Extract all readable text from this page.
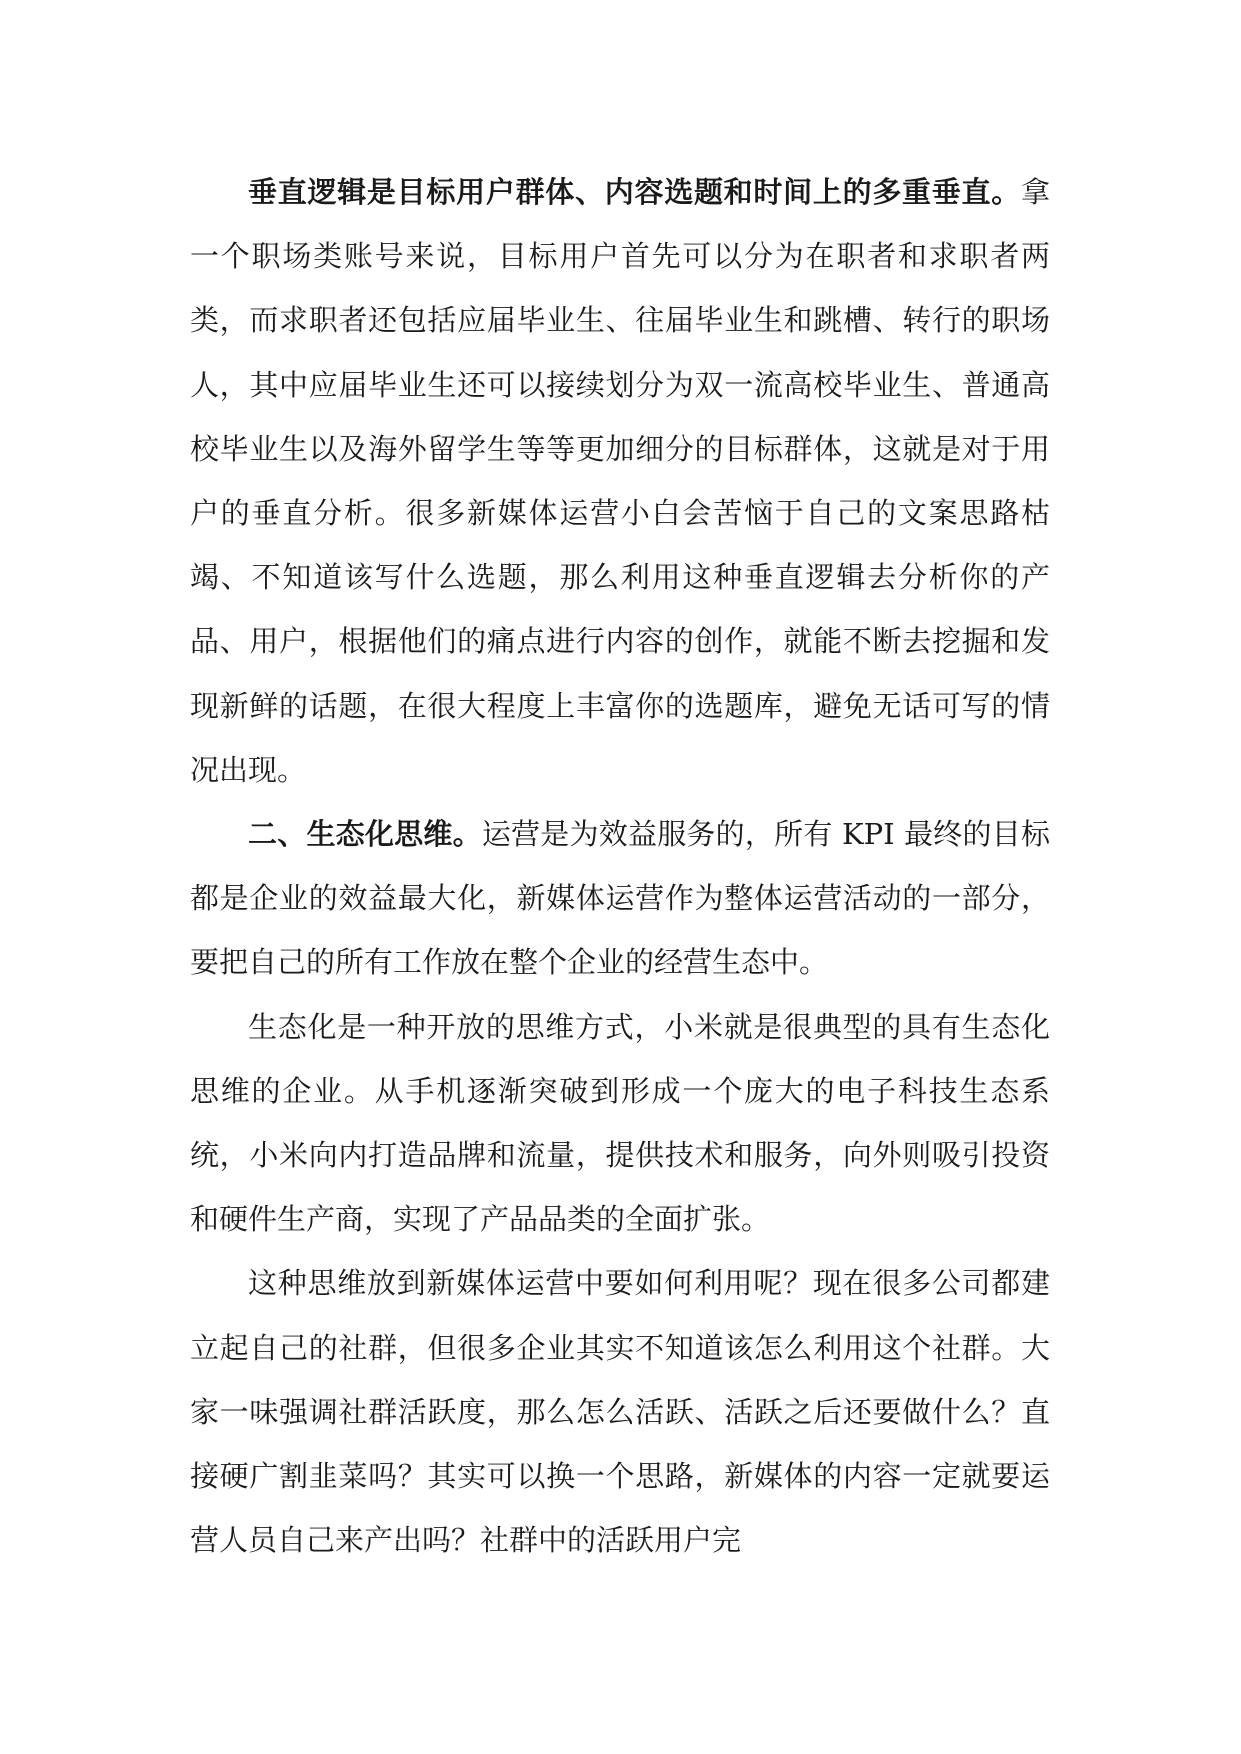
垂直逻辑是目标用户群体、内容选题和时间上的多重垂直。拿一个职场类账号来说，目标用户首先可以分为在职者和求职者两类，而求职者还包括应届毕业生、往届毕业生和跳槽、转行的职场人，其中应届毕业生还可以接续划分为双一流高校毕业生、普通高校毕业生以及海外留学生等等更加细分的目标群体，这就是对于用户的垂直分析。很多新媒体运营小白会苦恼于自己的文案思路枯竭、不知道该写什么选题，那么利用这种垂直逻辑去分析你的产品、用户，根据他们的痛点进行内容的创作，就能不断去挖掘和发现新鲜的话题，在很大程度上丰富你的选题库，避免无话可写的情况出现。

二、生态化思维。运营是为效益服务的，所有 KPI 最终的目标都是企业的效益最大化，新媒体运营作为整体运营活动的一部分，要把自己的所有工作放在整个企业的经营生态中。

生态化是一种开放的思维方式，小米就是很典型的具有生态化思维的企业。从手机逐渐突破到形成一个庞大的电子科技生态系统，小米向内打造品牌和流量，提供技术和服务，向外则吸引投资和硬件生产商，实现了产品品类的全面扩张。

这种思维放到新媒体运营中要如何利用呢？现在很多公司都建立起自己的社群，但很多企业其实不知道该怎么利用这个社群。大家一味强调社群活跃度，那么怎么活跃、活跃之后还要做什么？直接硬广割韭菜吗？其实可以换一个思路，新媒体的内容一定就要运营人员自己来产出吗？社群中的活跃用户完
